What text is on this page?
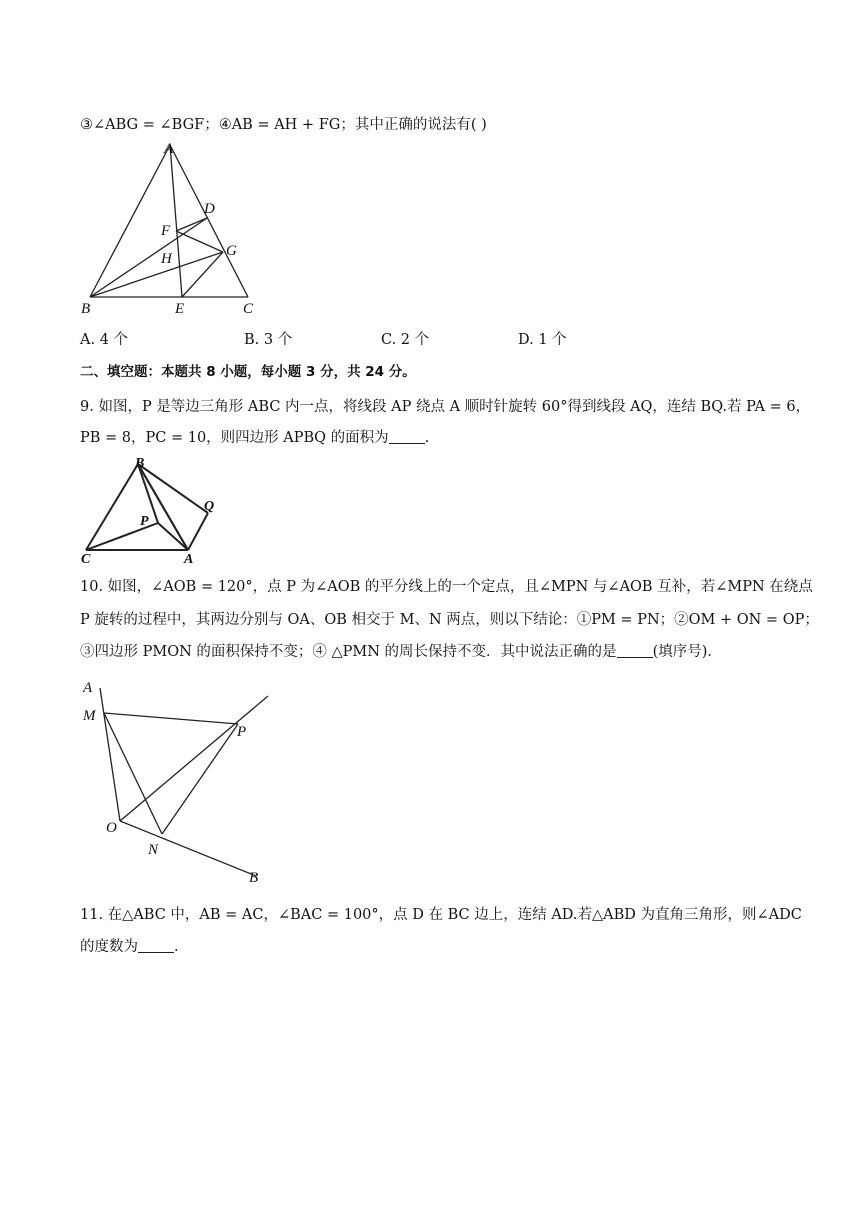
③∠ABG = ∠BGF；④AB = AH + FG；其中正确的说法有( )
A
B	C
D
E
F
G
H
A. 4 个	B. 3 个	C. 2 个	D. 1 个
二、填空题：本题共 8 小题，每小题 3 分，共 24 分。
9. 如图，P 是等边三角形 ABC 内一点，将线段 AP 绕点 A 顺时针旋转 60°得到线段 AQ，连结 BQ.若 PA = 6，
PB = 8，PC = 10，则四边形 APBQ 的面积为 .
B
C	A
P
Q
10. 如图，∠AOB = 120°，点 P 为∠AOB 的平分线上的一个定点，且∠MPN 与∠AOB 互补，若∠MPN 在绕点
P 旋转的过程中，其两边分别与 OA、OB 相交于 M、N 两点，则以下结论：①PM = PN；②OM + ON = OP；
③四边形 PMON 的面积保持不变；④ △PMN 的周长保持不变．其中说法正确的是 (填序号)．
A
M
P
O
N
B
11. 在△ABC 中，AB = AC，∠BAC = 100°，点 D 在 BC 边上，连结 AD.若△ABD 为直角三角形，则∠ADC
的度数为 .
